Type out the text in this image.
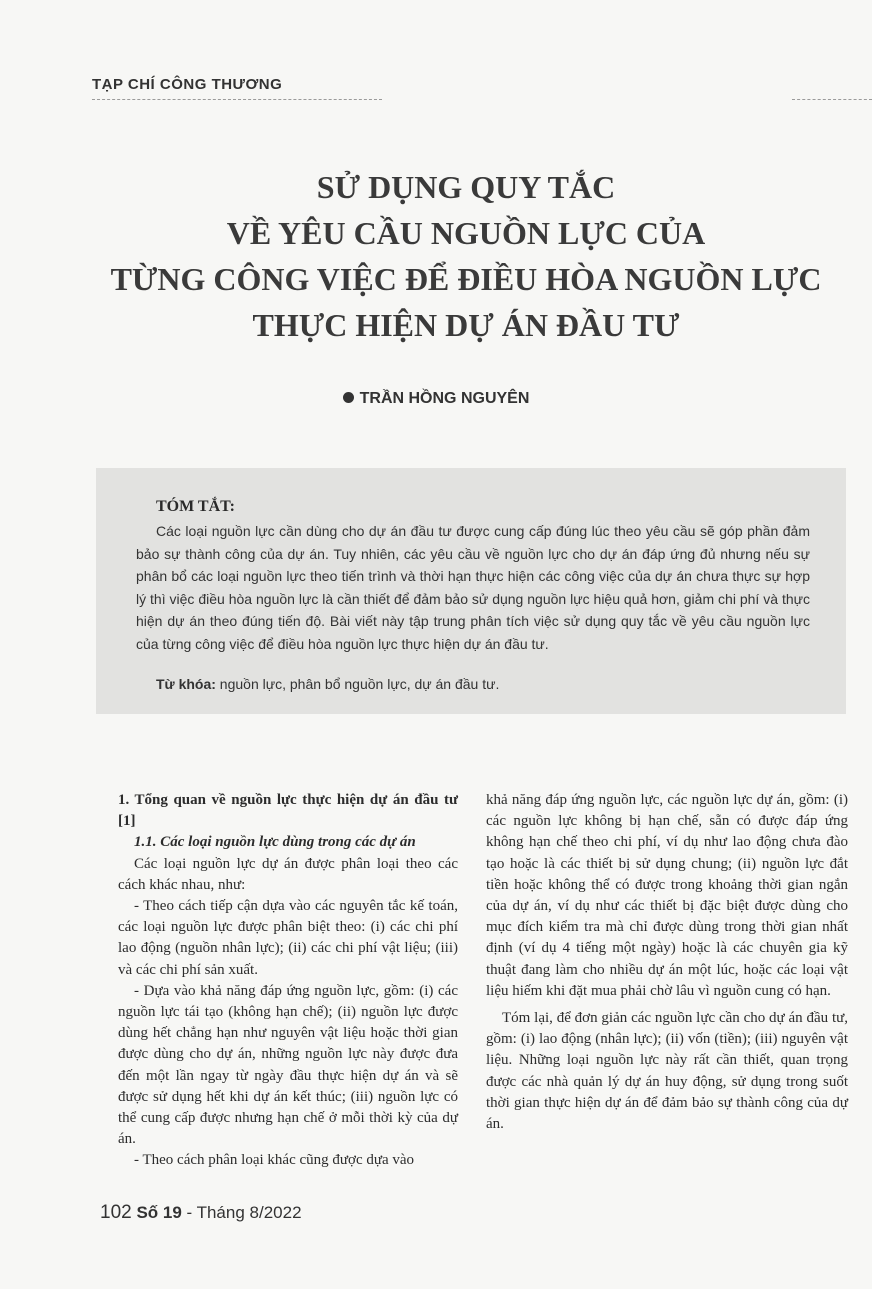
TẠP CHÍ CÔNG THƯƠNG
SỬ DỤNG QUY TẮC
VỀ YÊU CẦU NGUỒN LỰC CỦA
TỪNG CÔNG VIỆC ĐỂ ĐIỀU HÒA NGUỒN LỰC
THỰC HIỆN DỰ ÁN ĐẦU TƯ
TRẦN HỒNG NGUYÊN
TÓM TẮT:
Các loại nguồn lực cần dùng cho dự án đầu tư được cung cấp đúng lúc theo yêu cầu sẽ góp phần đảm bảo sự thành công của dự án. Tuy nhiên, các yêu cầu về nguồn lực cho dự án đáp ứng đủ nhưng nếu sự phân bổ các loại nguồn lực theo tiến trình và thời hạn thực hiện các công việc của dự án chưa thực sự hợp lý thì việc điều hòa nguồn lực là cần thiết để đảm bảo sử dụng nguồn lực hiệu quả hơn, giảm chi phí và thực hiện dự án theo đúng tiến độ. Bài viết này tập trung phân tích việc sử dụng quy tắc về yêu cầu nguồn lực của từng công việc để điều hòa nguồn lực thực hiện dự án đầu tư.
Từ khóa: nguồn lực, phân bổ nguồn lực, dự án đầu tư.

1. Tổng quan về nguồn lực thực hiện dự án đầu tư [1]

1.1. Các loại nguồn lực dùng trong các dự án

Các loại nguồn lực dự án được phân loại theo các cách khác nhau, như:

- Theo cách tiếp cận dựa vào các nguyên tắc kế toán, các loại nguồn lực được phân biệt theo: (i) các chi phí lao động (nguồn nhân lực); (ii) các chi phí vật liệu; (iii) và các chi phí sản xuất.

- Dựa vào khả năng đáp ứng nguồn lực, gồm: (i) các nguồn lực tái tạo (không hạn chế); (ii) nguồn lực được dùng hết chẳng hạn như nguyên vật liệu hoặc thời gian được dùng cho dự án, những nguồn lực này được đưa đến một lần ngay từ ngày đầu thực hiện dự án và sẽ được sử dụng hết khi dự án kết thúc; (iii) nguồn lực có thể cung cấp được nhưng hạn chế ở mỗi thời kỳ của dự án.

- Theo cách phân loại khác cũng được dựa vào

khả năng đáp ứng nguồn lực, các nguồn lực dự án, gồm: (i) các nguồn lực không bị hạn chế, sẵn có được đáp ứng không hạn chế theo chi phí, ví dụ như lao động chưa đào tạo hoặc là các thiết bị sử dụng chung; (ii) nguồn lực đắt tiền hoặc không thể có được trong khoảng thời gian ngắn của dự án, ví dụ như các thiết bị đặc biệt được dùng cho mục đích kiểm tra mà chỉ được dùng trong thời gian nhất định (ví dụ 4 tiếng một ngày) hoặc là các chuyên gia kỹ thuật đang làm cho nhiều dự án một lúc, hoặc các loại vật liệu hiếm khi đặt mua phải chờ lâu vì nguồn cung có hạn.

Tóm lại, để đơn giản các nguồn lực cần cho dự án đầu tư, gồm: (i) lao động (nhân lực); (ii) vốn (tiền); (iii) nguyên vật liệu. Những loại nguồn lực này rất cần thiết, quan trọng được các nhà quản lý dự án huy động, sử dụng trong suốt thời gian thực hiện dự án để đảm bảo sự thành công của dự án.

102 Số 19 - Tháng 8/2022
